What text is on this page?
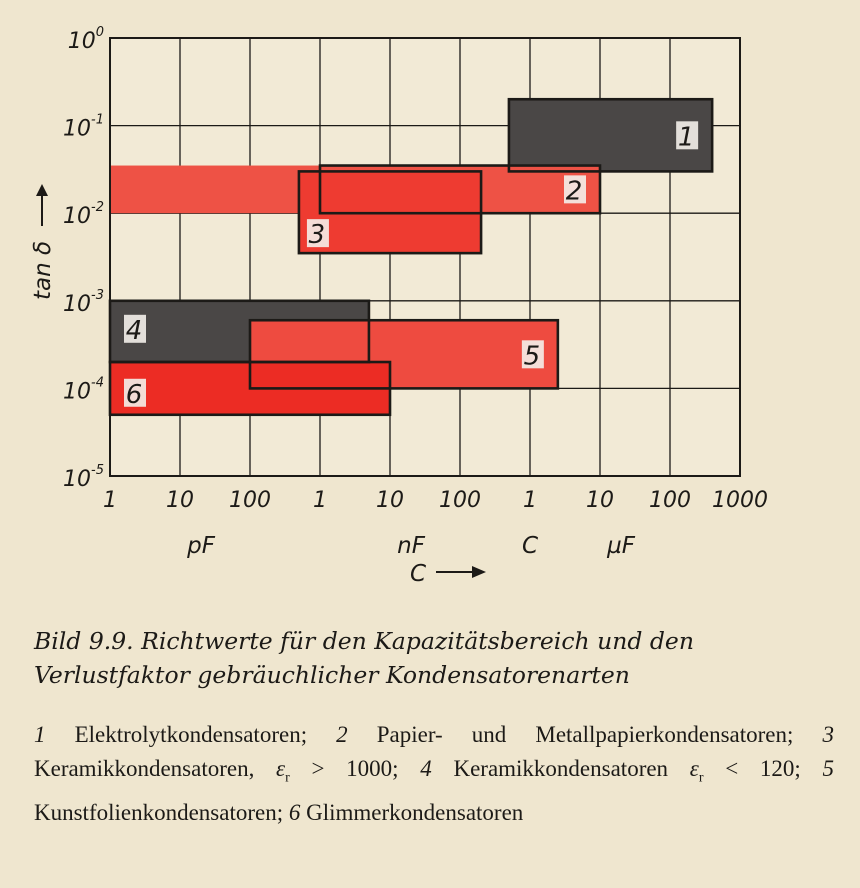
1
2
3
4
5
6
$10^0$
$10^{-1}$
$10^{-2}$
$10^{-3}$
$10^{-4}$
$10^{-5}$
1 10 100 1 10 100 1 10 100 1000
pF	nF	C	µF
tan δ
C
Bild 9.9. Richtwerte für den Kapazitätsbereich und den
Verlustfaktor gebräuchlicher Kondensatorenarten
1 Elektrolytkondensatoren; 2 Papier- und Metallpapierkondensatoren; 3 Keramikkondensatoren, $\varepsilon_r > 1000$; 4 Keramikkondensatoren $\varepsilon_r < 120$; 5 Kunstfolienkondensatoren; 6 Glimmerkondensatoren
